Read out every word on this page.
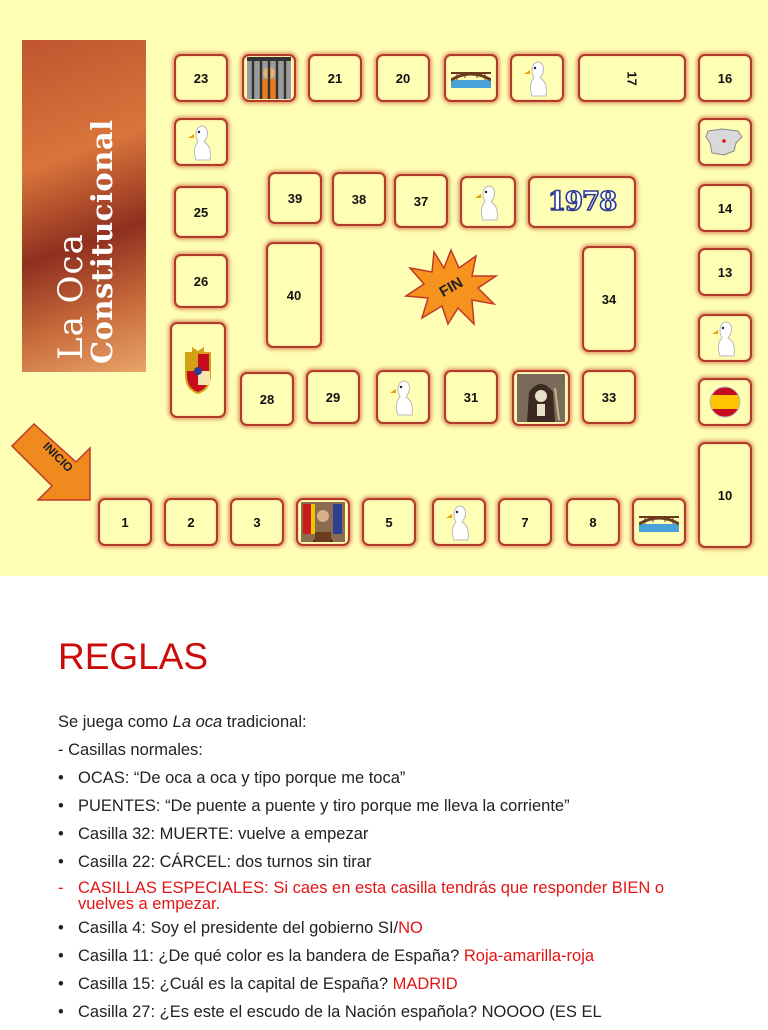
La Oca
Constitucional
1	2	3	5	7	8
10
13
14
16
17
20
21
23
25
26
28	29	31	33
34
1978
37
38
39
40	FIN
INICIO
REGLAS
Se juega como La oca tradicional:
- Casillas normales:
• OCAS: “De oca a oca y tipo porque me toca”
• PUENTES: “De puente a puente y tiro porque me lleva la corriente”
• Casilla 32: MUERTE: vuelve a empezar
• Casilla 22: CÁRCEL: dos turnos sin tirar
- CASILLAS ESPECIALES: Si caes en esta casilla tendrás que responder BIEN o
vuelves a empezar.
• Casilla 4: Soy el presidente del gobierno SI/NO
• Casilla 11: ¿De qué color es la bandera de España? Roja-amarilla-roja
• Casilla 15: ¿Cuál es la capital de España? MADRID
• Casilla 27: ¿Es este el escudo de la Nación española? NOOOO (ES EL
